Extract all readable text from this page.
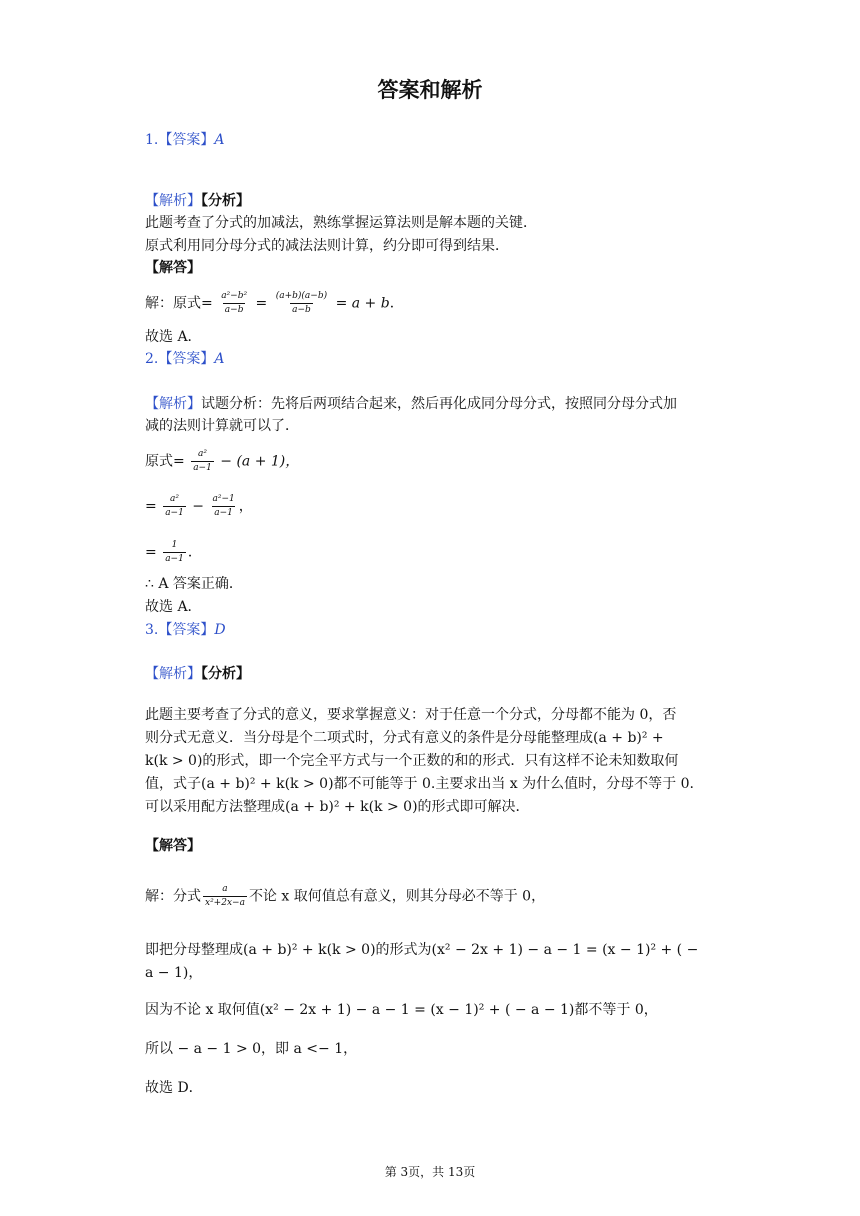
答案和解析
1.【答案】A
【解析】【分析】
此题考查了分式的加减法，熟练掌握运算法则是解本题的关键．
原式利用同分母分式的减法法则计算，约分即可得到结果．
【解答】
解：原式= $\frac{\text{a²−b²}}{a-b} = \frac{(a+b)(a-b)}{a-b} = a + b$．
故选 A．
2.【答案】A
【解析】试题分析：先将后两项结合起来，然后再化成同分母分式，按照同分母分式加
减的法则计算就可以了．
原式= $\frac{\text{a²}}{a-1} - (a + 1)$，
= $\frac{\text{a²}}{a-1} - \frac{\text{a²−1}}{a-1}$ ，
= $\frac{1}{a-1}$ ．
∴ A 答案正确．
故选 A．
3.【答案】D
【解析】【分析】
此题主要考查了分式的意义，要求掌握意义：对于任意一个分式，分母都不能为 0，否
则分式无意义．当分母是个二项式时，分式有意义的条件是分母能整理成(a + b)² +
k(k > 0)的形式，即一个完全平方式与一个正数的和的形式．只有这样不论未知数取何
值，式子(a + b)² + k(k > 0)都不可能等于 0.主要求出当 x 为什么值时，分母不等于 0.
可以采用配方法整理成(a + b)² + k(k > 0)的形式即可解决．
【解答】
解：分式 $\frac{a}{\text{x²+2x−a}}$ 不论 x 取何值总有意义，则其分母必不等于 0，
即把分母整理成(a + b)² + k(k > 0)的形式为(x² − 2x + 1) − a − 1 = (x − 1)² + ( −
a − 1)，
因为不论 x 取何值(x² − 2x + 1) − a − 1 = (x − 1)² + ( − a − 1)都不等于 0，
所以 − a − 1 > 0，即 a <− 1，
故选 D．
第 3页，共 13页
